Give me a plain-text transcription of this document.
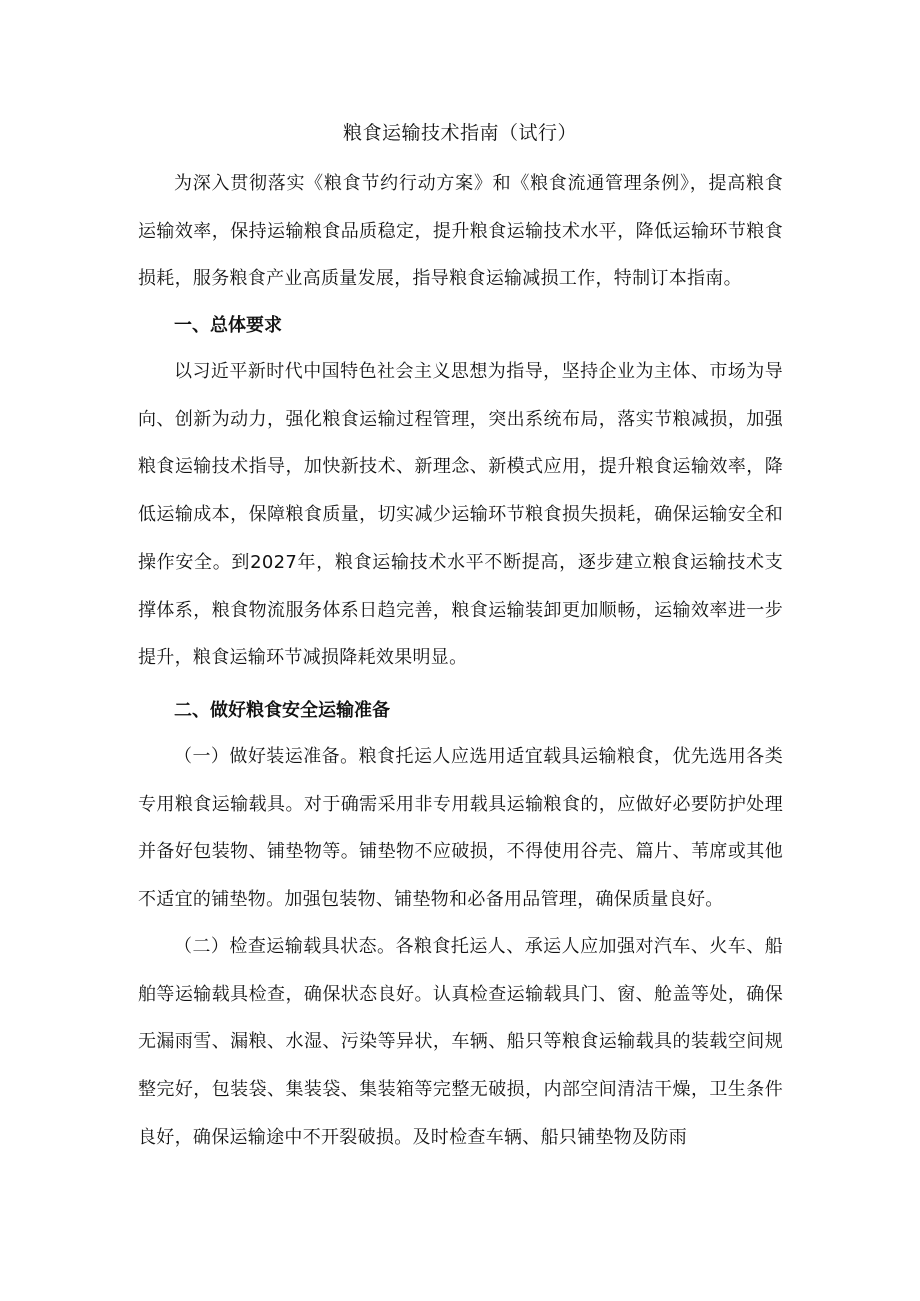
粮食运输技术指南（试行）
为深入贯彻落实《粮食节约行动方案》和《粮食流通管理条例》，提高粮食运输效率，保持运输粮食品质稳定，提升粮食运输技术水平，降低运输环节粮食损耗，服务粮食产业高质量发展，指导粮食运输减损工作，特制订本指南。
一、总体要求
以习近平新时代中国特色社会主义思想为指导，坚持企业为主体、市场为导向、创新为动力，强化粮食运输过程管理，突出系统布局，落实节粮减损，加强粮食运输技术指导，加快新技术、新理念、新模式应用，提升粮食运输效率，降低运输成本，保障粮食质量，切实减少运输环节粮食损失损耗，确保运输安全和操作安全。到2027年，粮食运输技术水平不断提高，逐步建立粮食运输技术支撑体系，粮食物流服务体系日趋完善，粮食运输装卸更加顺畅，运输效率进一步提升，粮食运输环节减损降耗效果明显。
二、做好粮食安全运输准备
（一）做好装运准备。粮食托运人应选用适宜载具运输粮食，优先选用各类专用粮食运输载具。对于确需采用非专用载具运输粮食的，应做好必要防护处理并备好包装物、铺垫物等。铺垫物不应破损，不得使用谷壳、篇片、苇席或其他不适宜的铺垫物。加强包装物、铺垫物和必备用品管理，确保质量良好。
（二）检查运输载具状态。各粮食托运人、承运人应加强对汽车、火车、船舶等运输载具检查，确保状态良好。认真检查运输载具门、窗、舱盖等处，确保无漏雨雪、漏粮、水湿、污染等异状，车辆、船只等粮食运输载具的装载空间规整完好，包装袋、集装袋、集装箱等完整无破损，内部空间清洁干燥，卫生条件良好，确保运输途中不开裂破损。及时检查车辆、船只铺垫物及防雨
